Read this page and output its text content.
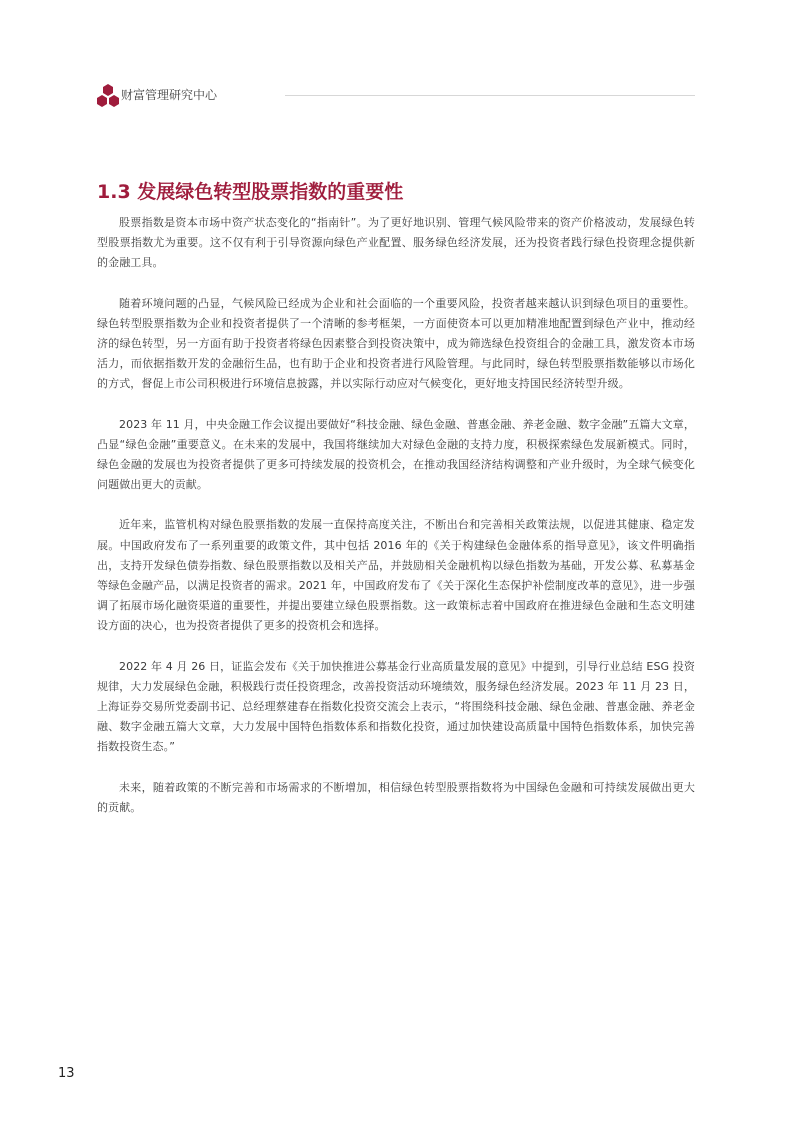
财富管理研究中心
1.3 发展绿色转型股票指数的重要性

股票指数是资本市场中资产状态变化的“指南针”。为了更好地识别、管理气候风险带来的资产价格波动，发展绿色转型股票指数尤为重要。这不仅有利于引导资源向绿色产业配置、服务绿色经济发展，还为投资者践行绿色投资理念提供新的金融工具。

随着环境问题的凸显，气候风险已经成为企业和社会面临的一个重要风险，投资者越来越认识到绿色项目的重要性。绿色转型股票指数为企业和投资者提供了一个清晰的参考框架，一方面使资本可以更加精准地配置到绿色产业中，推动经济的绿色转型，另一方面有助于投资者将绿色因素整合到投资决策中，成为筛选绿色投资组合的金融工具，激发资本市场活力，而依据指数开发的金融衍生品，也有助于企业和投资者进行风险管理。与此同时，绿色转型股票指数能够以市场化的方式，督促上市公司积极进行环境信息披露，并以实际行动应对气候变化，更好地支持国民经济转型升级。

2023 年 11 月，中央金融工作会议提出要做好“科技金融、绿色金融、普惠金融、养老金融、数字金融”五篇大文章，凸显“绿色金融”重要意义。在未来的发展中，我国将继续加大对绿色金融的支持力度，积极探索绿色发展新模式。同时，绿色金融的发展也为投资者提供了更多可持续发展的投资机会，在推动我国经济结构调整和产业升级时，为全球气候变化问题做出更大的贡献。

近年来，监管机构对绿色股票指数的发展一直保持高度关注，不断出台和完善相关政策法规，以促进其健康、稳定发展。中国政府发布了一系列重要的政策文件，其中包括 2016 年的《关于构建绿色金融体系的指导意见》，该文件明确指出，支持开发绿色债券指数、绿色股票指数以及相关产品，并鼓励相关金融机构以绿色指数为基础，开发公募、私募基金等绿色金融产品，以满足投资者的需求。2021 年，中国政府发布了《关于深化生态保护补偿制度改革的意见》，进一步强调了拓展市场化融资渠道的重要性，并提出要建立绿色股票指数。这一政策标志着中国政府在推进绿色金融和生态文明建设方面的决心，也为投资者提供了更多的投资机会和选择。

2022 年 4 月 26 日，证监会发布《关于加快推进公募基金行业高质量发展的意见》中提到，引导行业总结 ESG 投资规律，大力发展绿色金融，积极践行责任投资理念，改善投资活动环境绩效，服务绿色经济发展。2023 年 11 月 23 日，上海证券交易所党委副书记、总经理蔡建春在指数化投资交流会上表示，“将围绕科技金融、绿色金融、普惠金融、养老金融、数字金融五篇大文章，大力发展中国特色指数体系和指数化投资，通过加快建设高质量中国特色指数体系，加快完善指数投资生态。”

未来，随着政策的不断完善和市场需求的不断增加，相信绿色转型股票指数将为中国绿色金融和可持续发展做出更大的贡献。

13
